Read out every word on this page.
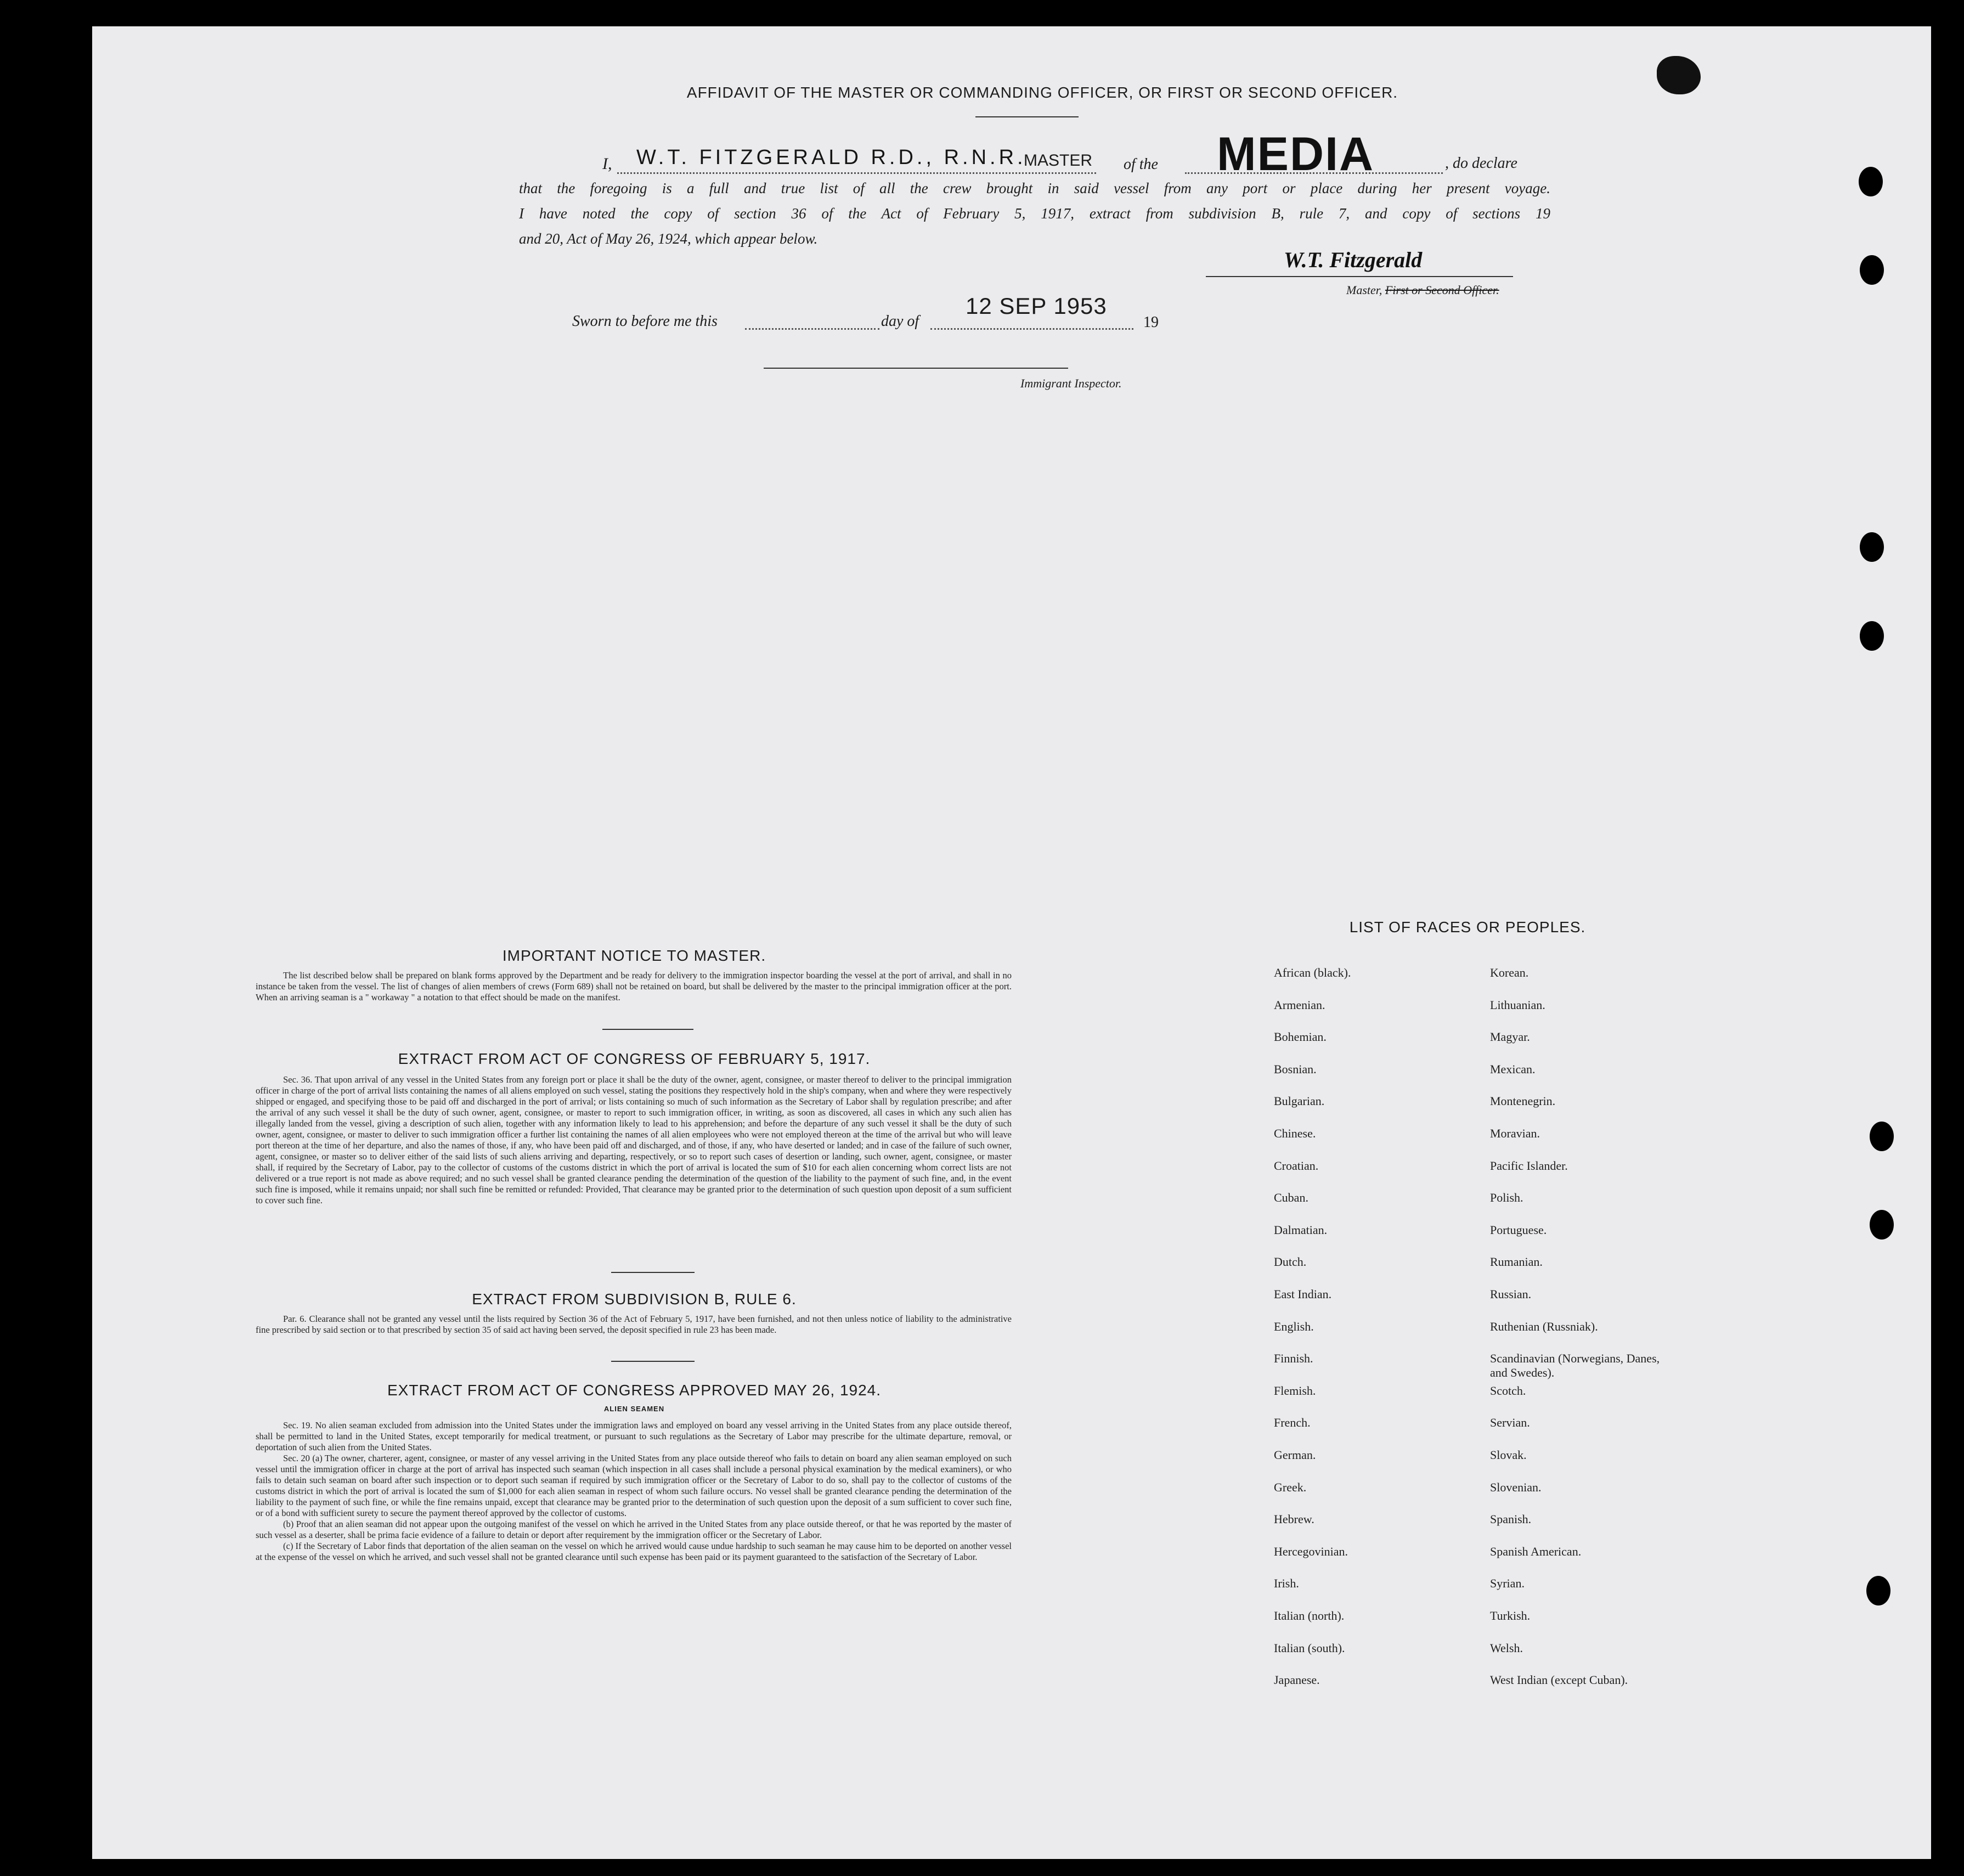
AFFIDAVIT OF THE MASTER OR COMMANDING OFFICER, OR FIRST OR SECOND OFFICER.
I, W.T. FITZGERALD R.D., R.N.R.
MASTER of the MEDIA	, do declare
that the foregoing is a full and true list of all the crew brought in said vessel from any port or place during her present voyage.
I have noted the copy of section 36 of the Act of February 5, 1917, extract from subdivision B, rule 7, and copy of sections 19
and 20, Act of May 26, 1924, which appear below.
W.T. Fitzgerald
Master, First or Second Officer.
Sworn to before me this	day of
12 SEP 1953
19
Immigrant Inspector.
IMPORTANT NOTICE TO MASTER.

The list described below shall be prepared on blank forms approved by the Department and be ready for delivery to the immigration inspector boarding the vessel at the port of arrival, and shall in no instance be taken from the vessel. The list of changes of alien members of crews (Form 689) shall not be retained on board, but shall be delivered by the master to the principal immigration officer at the port. When an arriving seaman is a " workaway " a notation to that effect should be made on the manifest.

EXTRACT FROM ACT OF CONGRESS OF FEBRUARY 5, 1917.

Sec. 36. That upon arrival of any vessel in the United States from any foreign port or place it shall be the duty of the owner, agent, consignee, or master thereof to deliver to the principal immigration officer in charge of the port of arrival lists containing the names of all aliens employed on such vessel, stating the positions they respectively hold in the ship's company, when and where they were respectively shipped or engaged, and specifying those to be paid off and discharged in the port of arrival; or lists containing so much of such information as the Secretary of Labor shall by regulation prescribe; and after the arrival of any such vessel it shall be the duty of such owner, agent, consignee, or master to report to such immigration officer, in writing, as soon as discovered, all cases in which any such alien has illegally landed from the vessel, giving a description of such alien, together with any information likely to lead to his apprehension; and before the departure of any such vessel it shall be the duty of such owner, agent, consignee, or master to deliver to such immigration officer a further list containing the names of all alien employees who were not employed thereon at the time of the arrival but who will leave port thereon at the time of her departure, and also the names of those, if any, who have been paid off and discharged, and of those, if any, who have deserted or landed; and in case of the failure of such owner, agent, consignee, or master so to deliver either of the said lists of such aliens arriving and departing, respectively, or so to report such cases of desertion or landing, such owner, agent, consignee, or master shall, if required by the Secretary of Labor, pay to the collector of customs of the customs district in which the port of arrival is located the sum of $10 for each alien concerning whom correct lists are not delivered or a true report is not made as above required; and no such vessel shall be granted clearance pending the determination of the question of the liability to the payment of such fine, and, in the event such fine is imposed, while it remains unpaid; nor shall such fine be remitted or refunded: Provided, That clearance may be granted prior to the determination of such question upon deposit of a sum sufficient to cover such fine.

EXTRACT FROM SUBDIVISION B, RULE 6.

Par. 6. Clearance shall not be granted any vessel until the lists required by Section 36 of the Act of February 5, 1917, have been furnished, and not then unless notice of liability to the administrative fine prescribed by said section or to that prescribed by section 35 of said act having been served, the deposit specified in rule 23 has been made.

EXTRACT FROM ACT OF CONGRESS APPROVED MAY 26, 1924.
ALIEN SEAMEN

Sec. 19. No alien seaman excluded from admission into the United States under the immigration laws and employed on board any vessel arriving in the United States from any place outside thereof, shall be permitted to land in the United States, except temporarily for medical treatment, or pursuant to such regulations as the Secretary of Labor may prescribe for the ultimate departure, removal, or deportation of such alien from the United States.

Sec. 20 (a) The owner, charterer, agent, consignee, or master of any vessel arriving in the United States from any place outside thereof who fails to detain on board any alien seaman employed on such vessel until the immigration officer in charge at the port of arrival has inspected such seaman (which inspection in all cases shall include a personal physical examination by the medical examiners), or who fails to detain such seaman on board after such inspection or to deport such seaman if required by such immigration officer or the Secretary of Labor to do so, shall pay to the collector of customs of the customs district in which the port of arrival is located the sum of $1,000 for each alien seaman in respect of whom such failure occurs. No vessel shall be granted clearance pending the determination of the liability to the payment of such fine, or while the fine remains unpaid, except that clearance may be granted prior to the determination of such question upon the deposit of a sum sufficient to cover such fine, or of a bond with sufficient surety to secure the payment thereof approved by the collector of customs.

(b) Proof that an alien seaman did not appear upon the outgoing manifest of the vessel on which he arrived in the United States from any place outside thereof, or that he was reported by the master of such vessel as a deserter, shall be prima facie evidence of a failure to detain or deport after requirement by the immigration officer or the Secretary of Labor.

(c) If the Secretary of Labor finds that deportation of the alien seaman on the vessel on which he arrived would cause undue hardship to such seaman he may cause him to be deported on another vessel at the expense of the vessel on which he arrived, and such vessel shall not be granted clearance until such expense has been paid or its payment guaranteed to the satisfaction of the Secretary of Labor.

LIST OF RACES OR PEOPLES.
African (black).
Armenian.
Bohemian.
Bosnian.
Bulgarian.
Chinese.
Croatian.
Cuban.
Dalmatian.
Dutch.
East Indian.
English.
Finnish.
Flemish.
French.
German.
Greek.
Hebrew.
Hercegovinian.
Irish.
Italian (north).
Italian (south).
Japanese.
Korean.
Lithuanian.
Magyar.
Mexican.
Montenegrin.
Moravian.
Pacific Islander.
Polish.
Portuguese.
Rumanian.
Russian.
Ruthenian (Russniak).
Scandinavian (Norwegians, Danes, and Swedes).
Scotch.
Servian.
Slovak.
Slovenian.
Spanish.
Spanish American.
Syrian.
Turkish.
Welsh.
West Indian (except Cuban).
